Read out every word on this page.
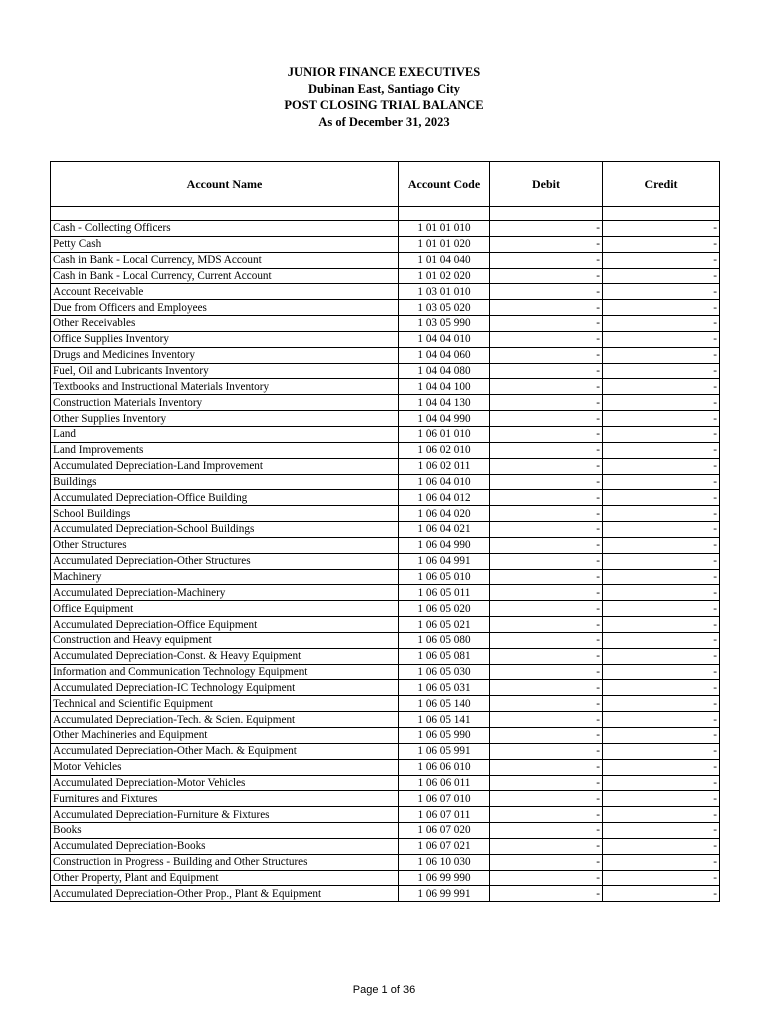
JUNIOR FINANCE EXECUTIVES
Dubinan East, Santiago City
POST CLOSING TRIAL BALANCE
As of December 31, 2023
Account Name	Account Code	Debit	Credit

Cash - Collecting Officers	1 01 01 010	-	-
Petty Cash	1 01 01 020	-	-
Cash in Bank - Local Currency, MDS Account	1 01 04 040	-	-
Cash in Bank - Local Currency, Current Account	1 01 02 020	-	-
Account Receivable	1 03 01 010	-	-
Due from Officers and Employees	1 03 05 020	-	-
Other Receivables	1 03 05 990	-	-
Office Supplies Inventory	1 04 04 010	-	-
Drugs and Medicines Inventory	1 04 04 060	-	-
Fuel, Oil and Lubricants Inventory	1 04 04 080	-	-
Textbooks and Instructional Materials Inventory	1 04 04 100	-	-
Construction Materials Inventory	1 04 04 130	-	-
Other Supplies Inventory	1 04 04 990	-	-
Land	1 06 01 010	-	-
Land Improvements	1 06 02 010	-	-
Accumulated Depreciation-Land Improvement	1 06 02 011	-	-
Buildings	1 06 04 010	-	-
Accumulated Depreciation-Office Building	1 06 04 012	-	-
School Buildings	1 06 04 020	-	-
Accumulated Depreciation-School Buildings	1 06 04 021	-	-
Other Structures	1 06 04 990	-	-
Accumulated Depreciation-Other Structures	1 06 04 991	-	-
Machinery	1 06 05 010	-	-
Accumulated Depreciation-Machinery	1 06 05 011	-	-
Office Equipment	1 06 05 020	-	-
Accumulated Depreciation-Office Equipment	1 06 05 021	-	-
Construction and Heavy equipment	1 06 05 080	-	-
Accumulated Depreciation-Const. & Heavy Equipment	1 06 05 081	-	-
Information and Communication Technology Equipment	1 06 05 030	-	-
Accumulated Depreciation-IC Technology Equipment	1 06 05 031	-	-
Technical and Scientific Equipment	1 06 05 140	-	-
Accumulated Depreciation-Tech. & Scien. Equipment	1 06 05 141	-	-
Other Machineries and Equipment	1 06 05 990	-	-
Accumulated Depreciation-Other Mach. & Equipment	1 06 05 991	-	-
Motor Vehicles	1 06 06 010	-	-
Accumulated Depreciation-Motor Vehicles	1 06 06 011	-	-
Furnitures and Fixtures	1 06 07 010	-	-
Accumulated Depreciation-Furniture & Fixtures	1 06 07 011	-	-
Books	1 06 07 020	-	-
Accumulated Depreciation-Books	1 06 07 021	-	-
Construction in Progress - Building and Other Structures	1 06 10 030	-	-
Other Property, Plant and Equipment	1 06 99 990	-	-
Accumulated Depreciation-Other Prop., Plant & Equipment	1 06 99 991	-	-
Page 1 of 36
